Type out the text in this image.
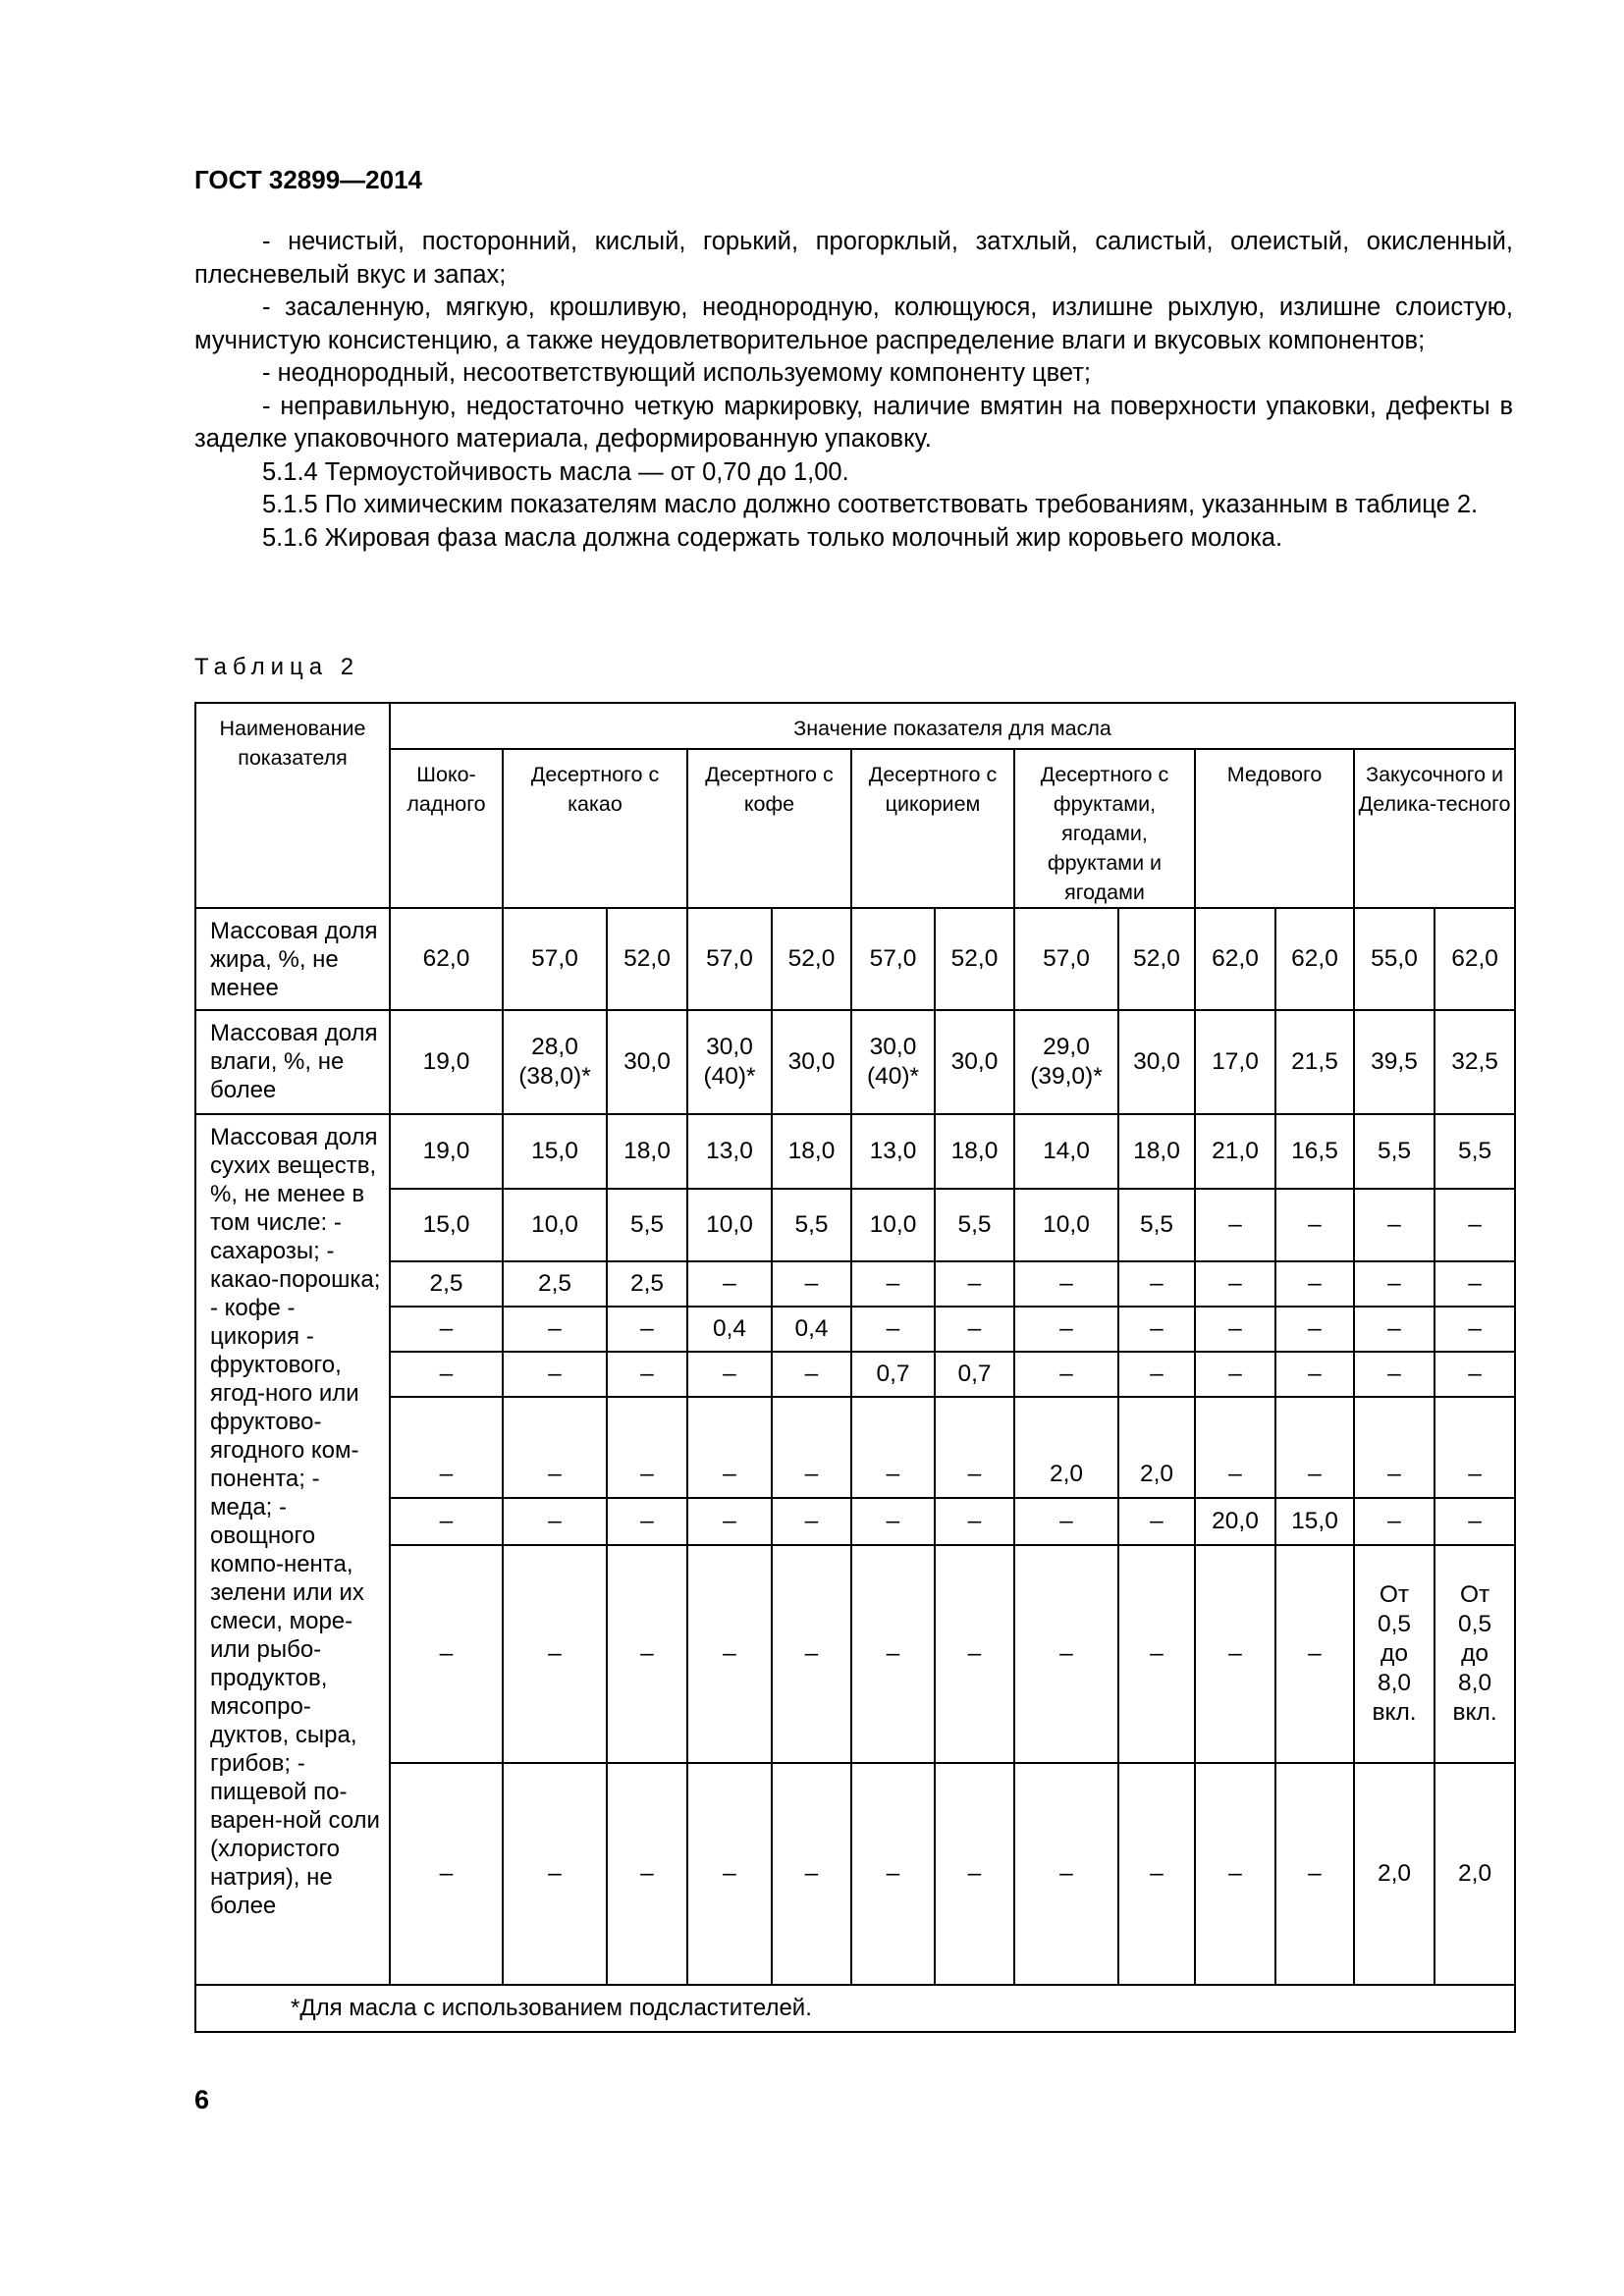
ГОСТ 32899—2014

- нечистый, посторонний, кислый, горький, прогорклый, затхлый, салистый, олеистый, окисленный, плесневелый вкус и запах;

- засаленную, мягкую, крошливую, неоднородную, колющуюся, излишне рыхлую, излишне слоистую, мучнистую консистенцию, а также неудовлетворительное распределение влаги и вкусовых компонентов;

- неоднородный, несоответствующий используемому компоненту цвет;

- неправильную, недостаточно четкую маркировку, наличие вмятин на поверхности упаковки, дефекты в заделке упаковочного материала, деформированную упаковку.

5.1.4 Термоустойчивость масла — от 0,70 до 1,00.

5.1.5 По химическим показателям масло должно соответствовать требованиям, указанным в таблице 2.

5.1.6 Жировая фаза масла должна содержать только молочный жир коровьего молока.

Таблица 2
Наименование показателя	Значение показателя для масла												
	Шоко-ладного	Десертного с какао		Десертного с кофе		Десертного с цикорием		Десертного с фруктами, ягодами, фруктами и ягодами		Медового		Закусочного и Делика-тесного	
Массовая доля жира, %, не менее	62,0	57,0	52,0	57,0	52,0	57,0	52,0	57,0	52,0	62,0	62,0	55,0	62,0
Массовая доля влаги, %, не более	19,0	28,0 (38,0)*	30,0	30,0 (40)*	30,0	30,0 (40)*	30,0	29,0 (39,0)*	30,0	17,0	21,5	39,5	32,5
Массовая доля сухих веществ, %, не менее в том числе: - сахарозы; - какао-порошка; - кофе - цикория - фруктового, ягод-ного или фруктово-ягодного ком-понента; - меда; - овощного компо-нента, зелени или их смеси, море- или рыбо-продуктов, мясопро-дуктов, сыра, грибов; - пищевой по-варен-ной соли (хлористого натрия), не более	19,0	15,0	18,0	13,0	18,0	13,0	18,0	14,0	18,0	21,0	16,5	5,5	5,5
	15,0	10,0	5,5	10,0	5,5	10,0	5,5	10,0	5,5	–	–	–	–
	2,5	2,5	2,5	–	–	–	–	–	–	–	–	–	–
	–	–	–	0,4	0,4	–	–	–	–	–	–	–	–
	–	–	–	–	–	0,7	0,7	–	–	–	–	–	–
	–	–	–	–	–	–	–	2,0	2,0	–	–	–	–
	–	–	–	–	–	–	–	–	–	20,0	15,0	–	–
	–	–	–	–	–	–	–	–	–	–	–	От 0,5 до 8,0 вкл.	От 0,5 до 8,0 вкл.
	–	–	–	–	–	–	–	–	–	–	–	2,0	2,0
*Для масла с использованием подсластителей.													
6
